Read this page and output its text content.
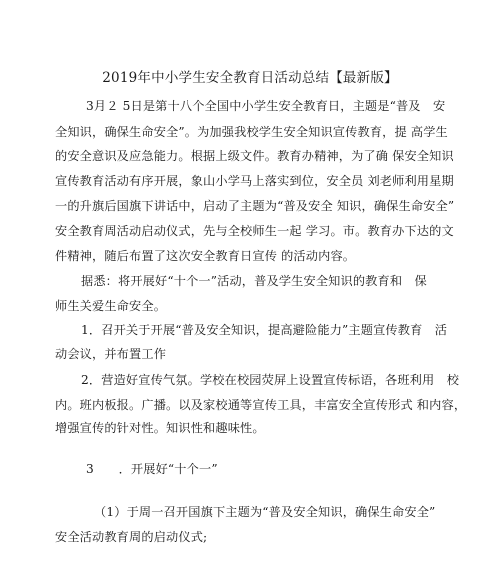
2019年中小学生安全教育日活动总结【最新版】
3月２ 5日是第十八个全国中小学生安全教育日，主题是“普及　安
全知识，确保生命安全”。为加强我校学生安全知识宣传教育，提 高学生
的安全意识及应急能力。根据上级文件。教育办精神，为了确 保安全知识
宣传教育活动有序开展，象山小学马上落实到位，安全员 刘老师利用星期
一的升旗后国旗下讲话中，启动了主题为“普及安全 知识，确保生命安全”
安全教育周活动启动仪式，先与全校师生一起 学习。市。教育办下达的文
件精神，随后布置了这次安全教育日宣传 的活动内容。
据悉：将开展好“十个一”活动，普及学生安全知识的教育和　保
师生关爱生命安全。
1．召开关于开展“普及安全知识，提高避险能力”主题宣传教育　活
动会议，并布置工作
2．营造好宣传气氛。学校在校园荧屏上设置宣传标语，各班利用　校
内。班内板报。广播。以及家校通等宣传工具，丰富安全宣传形式 和内容，
增强宣传的针对性。知识性和趣味性。
3　　．开展好“十个一”
（1）于周一召开国旗下主题为“普及安全知识，确保生命安全”
安全活动教育周的启动仪式;
